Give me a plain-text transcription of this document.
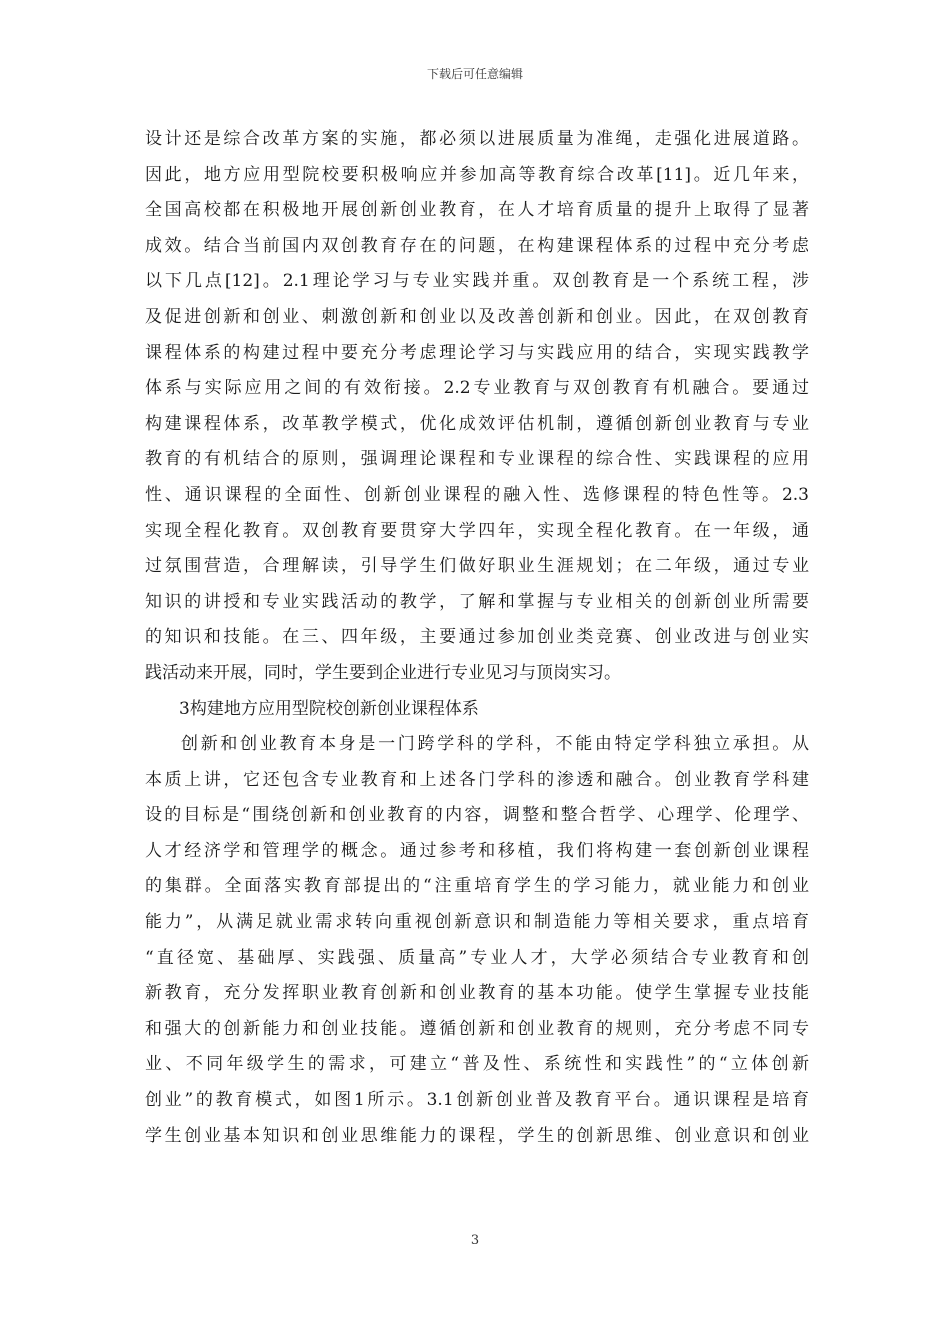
下载后可任意编辑
设计还是综合改革方案的实施，都必须以进展质量为准绳，走强化进展道路。
因此，地方应用型院校要积极响应并参加高等教育综合改革[11]。近几年来，
全国高校都在积极地开展创新创业教育，在人才培育质量的提升上取得了显著
成效。结合当前国内双创教育存在的问题，在构建课程体系的过程中充分考虑
以下几点[12]。2.1理论学习与专业实践并重。双创教育是一个系统工程，涉
及促进创新和创业、刺激创新和创业以及改善创新和创业。因此，在双创教育
课程体系的构建过程中要充分考虑理论学习与实践应用的结合，实现实践教学
体系与实际应用之间的有效衔接。2.2专业教育与双创教育有机融合。要通过
构建课程体系，改革教学模式，优化成效评估机制，遵循创新创业教育与专业
教育的有机结合的原则，强调理论课程和专业课程的综合性、实践课程的应用
性、通识课程的全面性、创新创业课程的融入性、选修课程的特色性等。2.3
实现全程化教育。双创教育要贯穿大学四年，实现全程化教育。在一年级，通
过氛围营造，合理解读，引导学生们做好职业生涯规划；在二年级，通过专业
知识的讲授和专业实践活动的教学，了解和掌握与专业相关的创新创业所需要
的知识和技能。在三、四年级，主要通过参加创业类竞赛、创业改进与创业实
践活动来开展，同时，学生要到企业进行专业见习与顶岗实习。
3构建地方应用型院校创新创业课程体系
创新和创业教育本身是一门跨学科的学科，不能由特定学科独立承担。从
本质上讲，它还包含专业教育和上述各门学科的渗透和融合。创业教育学科建
设的目标是“围绕创新和创业教育的内容，调整和整合哲学、心理学、伦理学、
人才经济学和管理学的概念。通过参考和移植，我们将构建一套创新创业课程
的集群。全面落实教育部提出的“注重培育学生的学习能力，就业能力和创业
能力”，从满足就业需求转向重视创新意识和制造能力等相关要求，重点培育
“直径宽、基础厚、实践强、质量高”专业人才，大学必须结合专业教育和创
新教育，充分发挥职业教育创新和创业教育的基本功能。使学生掌握专业技能
和强大的创新能力和创业技能。遵循创新和创业教育的规则，充分考虑不同专
业、不同年级学生的需求，可建立“普及性、系统性和实践性”的“立体创新
创业”的教育模式，如图1所示。3.1创新创业普及教育平台。通识课程是培育
学生创业基本知识和创业思维能力的课程，学生的创新思维、创业意识和创业
3
